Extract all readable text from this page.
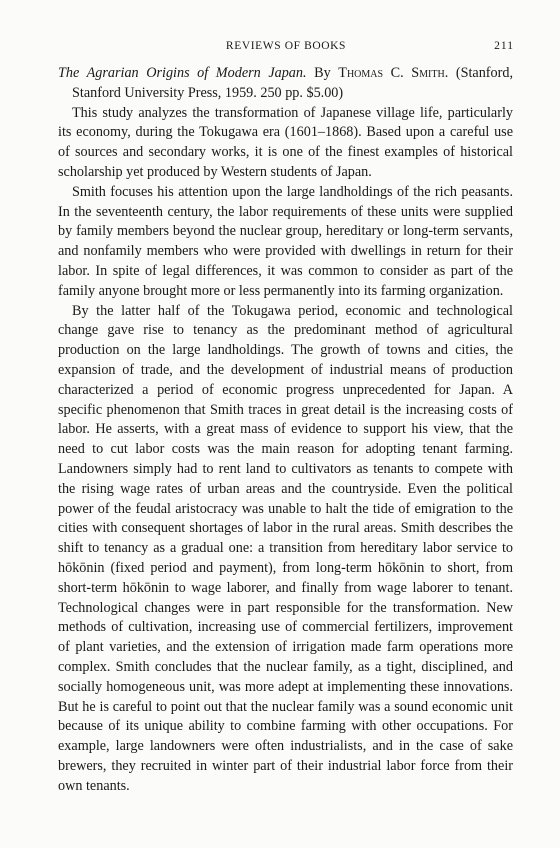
REVIEWS OF BOOKS	211

The Agrarian Origins of Modern Japan. By Thomas C. Smith. (Stanford, Stanford University Press, 1959. 250 pp. $5.00)

This study analyzes the transformation of Japanese village life, particularly its economy, during the Tokugawa era (1601–1868). Based upon a careful use of sources and secondary works, it is one of the finest examples of historical scholarship yet produced by Western students of Japan.

Smith focuses his attention upon the large landholdings of the rich peasants. In the seventeenth century, the labor requirements of these units were supplied by family members beyond the nuclear group, hereditary or long-term servants, and nonfamily members who were provided with dwellings in return for their labor. In spite of legal differences, it was common to consider as part of the family anyone brought more or less permanently into its farming organization.

By the latter half of the Tokugawa period, economic and technological change gave rise to tenancy as the predominant method of agricultural production on the large landholdings. The growth of towns and cities, the expansion of trade, and the development of industrial means of production characterized a period of economic progress unprecedented for Japan. A specific phenomenon that Smith traces in great detail is the increasing costs of labor. He asserts, with a great mass of evidence to support his view, that the need to cut labor costs was the main reason for adopting tenant farming. Landowners simply had to rent land to cultivators as tenants to compete with the rising wage rates of urban areas and the countryside. Even the political power of the feudal aristocracy was unable to halt the tide of emigration to the cities with consequent shortages of labor in the rural areas. Smith describes the shift to tenancy as a gradual one: a transition from hereditary labor service to hōkōnin (fixed period and payment), from long-term hōkōnin to short, from short-term hōkōnin to wage laborer, and finally from wage laborer to tenant. Technological changes were in part responsible for the transformation. New methods of cultivation, increasing use of commercial fertilizers, improvement of plant varieties, and the extension of irrigation made farm operations more complex. Smith concludes that the nuclear family, as a tight, disciplined, and socially homogeneous unit, was more adept at implementing these innovations. But he is careful to point out that the nuclear family was a sound economic unit because of its unique ability to combine farming with other occupations. For example, large landowners were often industrialists, and in the case of sake brewers, they recruited in winter part of their industrial labor force from their own tenants.
